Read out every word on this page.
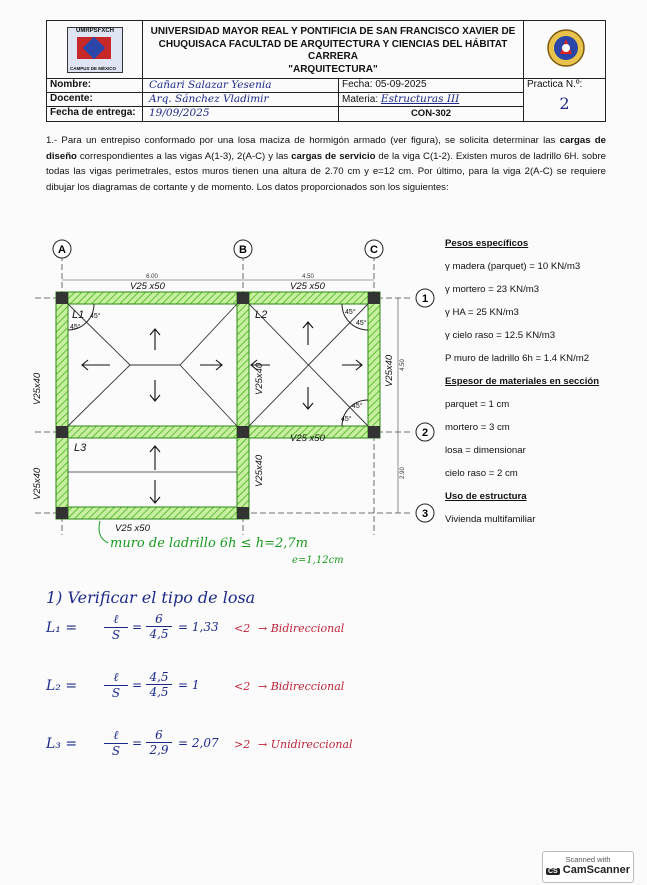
UMRPSFXCH
CAMPUS DE MÉXICO
UNIVERSIDAD MAYOR REAL Y PONTIFICIA DE SAN FRANCISCO XAVIER DE
CHUQUISACA FACULTAD DE ARQUITECTURA Y CIENCIAS DEL HÁBITAT CARRERA
"ARQUITECTURA"
Nombre:	Cañari Salazar Yesenia	Fecha: 05-09-2025	Practica N.º:
Docente:	Arq. Sánchez Vladimir	Materia: Estructuras III	2
Fecha de entrega:	19/09/2025	CON-302
1.- Para un entrepiso conformado por una losa maciza de hormigón armado (ver figura), se solicita determinar las cargas de diseño correspondientes a las vigas A(1-3), 2(A-C) y las cargas de servicio de la viga C(1-2). Existen muros de ladrillo 6H. sobre todas las vigas perimetrales, estos muros tienen una altura de 2.70 cm y e=12 cm. Por último, para la viga 2(A-C) se requiere dibujar los diagramas de cortante y de momento. Los datos proporcionados son los siguientes:
A	B	C
1
2
3
6.00	4.50
4.50
2.90
L1	L2
L3
45°
45°
45°
45°
45°
45°
V25 x50	V25 x50
V25x40	V25x40	V25x40
V25 x50
V25x40	V25x40
V25 x50
muro de ladrillo 6h ≤ h=2,7m
e=1,12cm
Pesos específicos
γ madera (parquet) = 10 KN/m3
γ mortero = 23 KN/m3
γ HA = 25 KN/m3
γ cielo raso = 12.5 KN/m3
P muro de ladrillo 6h = 1.4 KN/m2
Espesor de materiales en sección
parquet = 1 cm
mortero = 3 cm
losa = dimensionar
cielo raso = 2 cm
Uso de estructura
Vivienda multifamiliar
1) Verificar el tipo de losa
L₁ =
ℓ
S
=
6
4,5 = 1,33 <2 → Bidireccional
L₂ =
ℓ
S
=
4,5
4,5 = 1	<2 → Bidireccional
L₃ =
ℓ
S
=
6
2,9 = 2,07 >2 → Unidireccional
Scanned with
CS CamScanner
